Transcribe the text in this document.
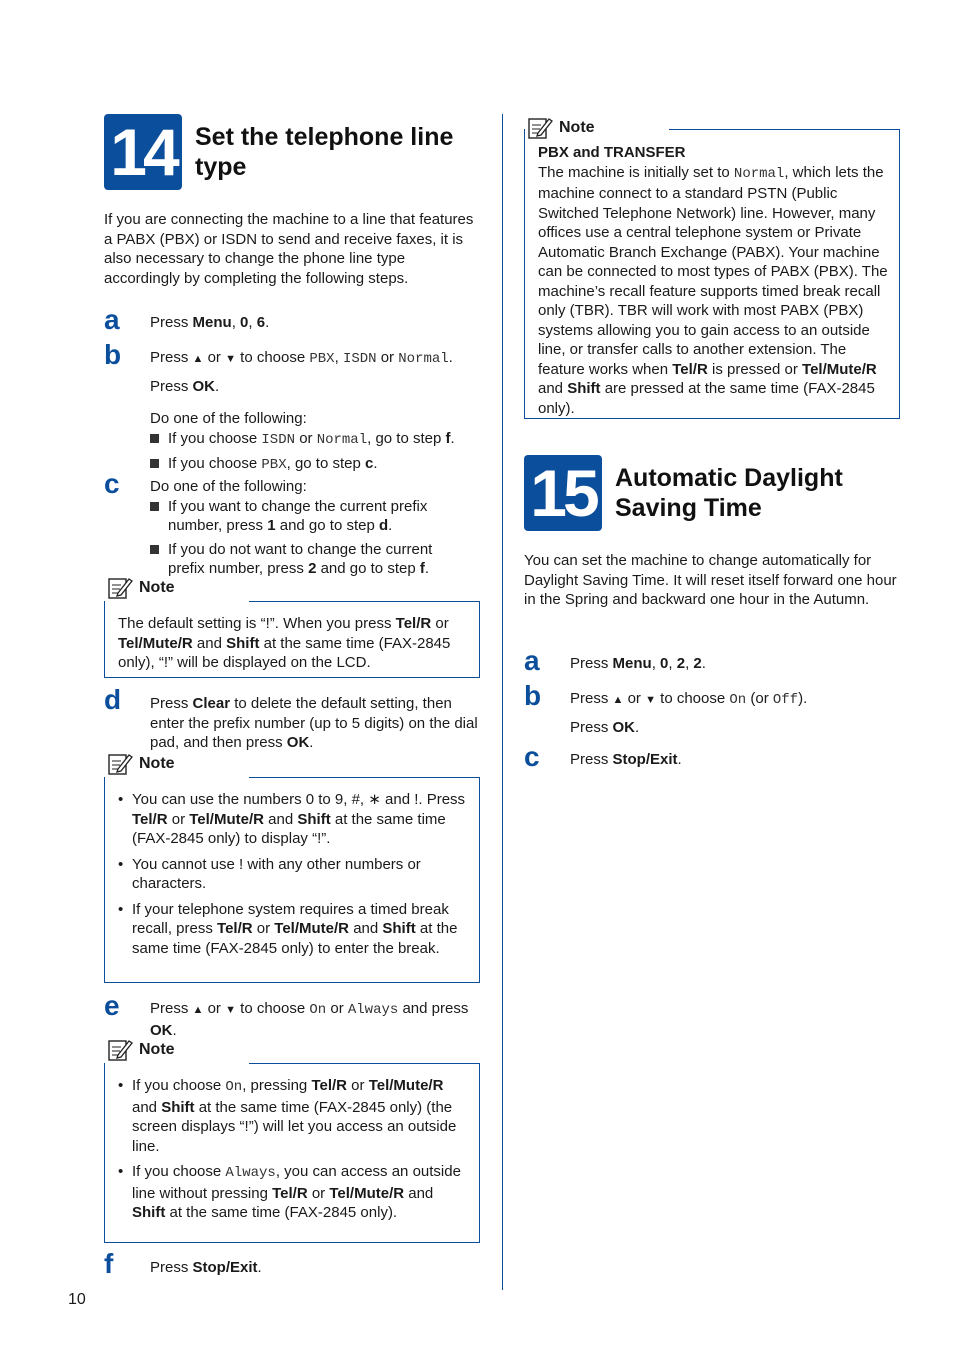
14 Set the telephone line
type
If you are connecting the machine to a line that features a PABX (PBX) or ISDN to send and receive faxes, it is also necessary to change the phone line type accordingly by completing the following steps.
a Press Menu, 0, 6.
b Press ▲ or ▼ to choose PBX, ISDN or Normal.

Press OK.

Do one of the following:

If you choose ISDN or Normal, go to step f.
If you choose PBX, go to step c.
c Do one of the following:

If you want to change the current prefix number, press 1 and go to step d.
If you do not want to change the current prefix number, press 2 and go to step f.
Note
The default setting is “!”. When you press Tel/R or Tel/Mute/R and Shift at the same time (FAX-2845 only), “!” will be displayed on the LCD.
d Press Clear to delete the default setting, then enter the prefix number (up to 5 digits) on the dial pad, and then press OK.
Note
• You can use the numbers 0 to 9, #, ∗ and !. Press Tel/R or Tel/Mute/R and Shift at the same time (FAX-2845 only) to display “!”.
• You cannot use ! with any other numbers or characters.
• If your telephone system requires a timed break recall, press Tel/R or Tel/Mute/R and Shift at the same time (FAX-2845 only) to enter the break.
e Press ▲ or ▼ to choose On or Always and press OK.
Note
• If you choose On, pressing Tel/R or Tel/Mute/R and Shift at the same time (FAX-2845 only) (the screen displays “!”) will let you access an outside line.
• If you choose Always, you can access an outside line without pressing Tel/R or Tel/Mute/R and Shift at the same time (FAX-2845 only).
f Press Stop/Exit.
Note

PBX and TRANSFER

The machine is initially set to Normal, which lets the machine connect to a standard PSTN (Public Switched Telephone Network) line. However, many offices use a central telephone system or Private Automatic Branch Exchange (PABX). Your machine can be connected to most types of PABX (PBX). The machine’s recall feature supports timed break recall only (TBR). TBR will work with most PABX (PBX) systems allowing you to gain access to an outside line, or transfer calls to another extension. The feature works when Tel/R is pressed or Tel/Mute/R and Shift are pressed at the same time (FAX-2845 only).

15 Automatic Daylight
Saving Time
You can set the machine to change automatically for Daylight Saving Time. It will reset itself forward one hour in the Spring and backward one hour in the Autumn.
a Press Menu, 0, 2, 2.
b Press ▲ or ▼ to choose On (or Off).

Press OK.

c Press Stop/Exit.
10
